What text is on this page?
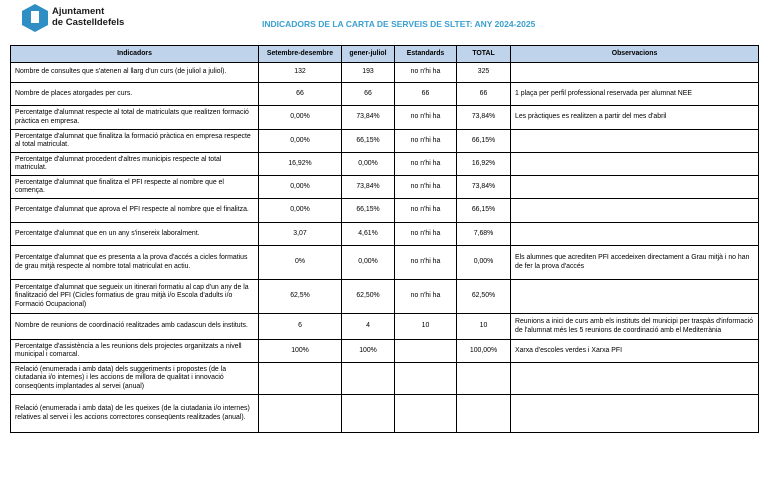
Ajuntament
de Castelldefels	INDICADORS DE LA CARTA DE SERVEIS DE SLTET: ANY 2024-2025
Indicadors	Setembre-desembre	gener-juliol	Estandards	TOTAL	Observacions
Nombre de consultes que s'atenen al llarg d'un curs (de juliol a juliol).	132	193	no n'hi ha	325	
Nombre de places atorgades per curs.	66	66	66	66	1 plaça per perfil professional reservada per alumnat NEE
Percentatge d'alumnat respecte al total de matriculats que realitzen formació pràctica en empresa.	0,00%	73,84%	no n'hi ha	73,84%	Les pràctiques es realitzen a partir del mes d'abril
Percentatge d'alumnat que finalitza la formació pràctica en empresa respecte al total matriculat.	0,00%	66,15%	no n'hi ha	66,15%	
Percentatge d'alumnat procedent d'altres municipis respecte al total matriculat.	16,92%	0,00%	no n'hi ha	16,92%	
Percentatge d'alumnat que finalitza el PFI respecte al nombre que el comença.	0,00%	73,84%	no n'hi ha	73,84%	
Percentatge d'alumnat que aprova el PFI respecte al nombre que el finalitza.	0,00%	66,15%	no n'hi ha	66,15%	
Percentatge d'alumnat que en un any s'insereix laboralment.	3,07	4,61%	no n'hi ha	7,68%	
Percentatge d'alumnat que es presenta a la prova d'accés a cicles formatius de grau mitjà respecte al nombre total matriculat en actiu.	0%	0,00%	no n'hi ha	0,00%	Els alumnes que acrediten PFI accedeixen directament a Grau mitjà i no han de fer la prova d'accés
Percentatge d'alumnat que segueix un itinerari formatiu al cap d'un any de la finalització del PFI (Cicles formatius de grau mitjà i/o Escola d'adults i/o Formació Ocupacional)	62,5%	62,50%	no n'hi ha	62,50%	
Nombre de reunions de coordinació realitzades amb cadascun dels instituts.	6	4	10	10	Reunions a inici de curs amb els instituts del municipi per traspàs d'informació de l'alumnat més les 5 reunions de coordinació amb el Mediterrània
Percentatge d'assistència a les reunions dels projectes organitzats a nivell municipal i comarcal.	100%	100%		100,00%	Xarxa d'escoles verdes i Xarxa PFI
Relació (enumerada i amb data) dels suggeriments i propostes (de la ciutadania i/o internes) i les accions de millora de qualitat i innovació conseqüents implantades al servei (anual)					
Relació (enumerada i amb data) de les queixes (de la ciutadania i/o internes) relatives al servei i les accions correctores conseqüents realitzades (anual).					
